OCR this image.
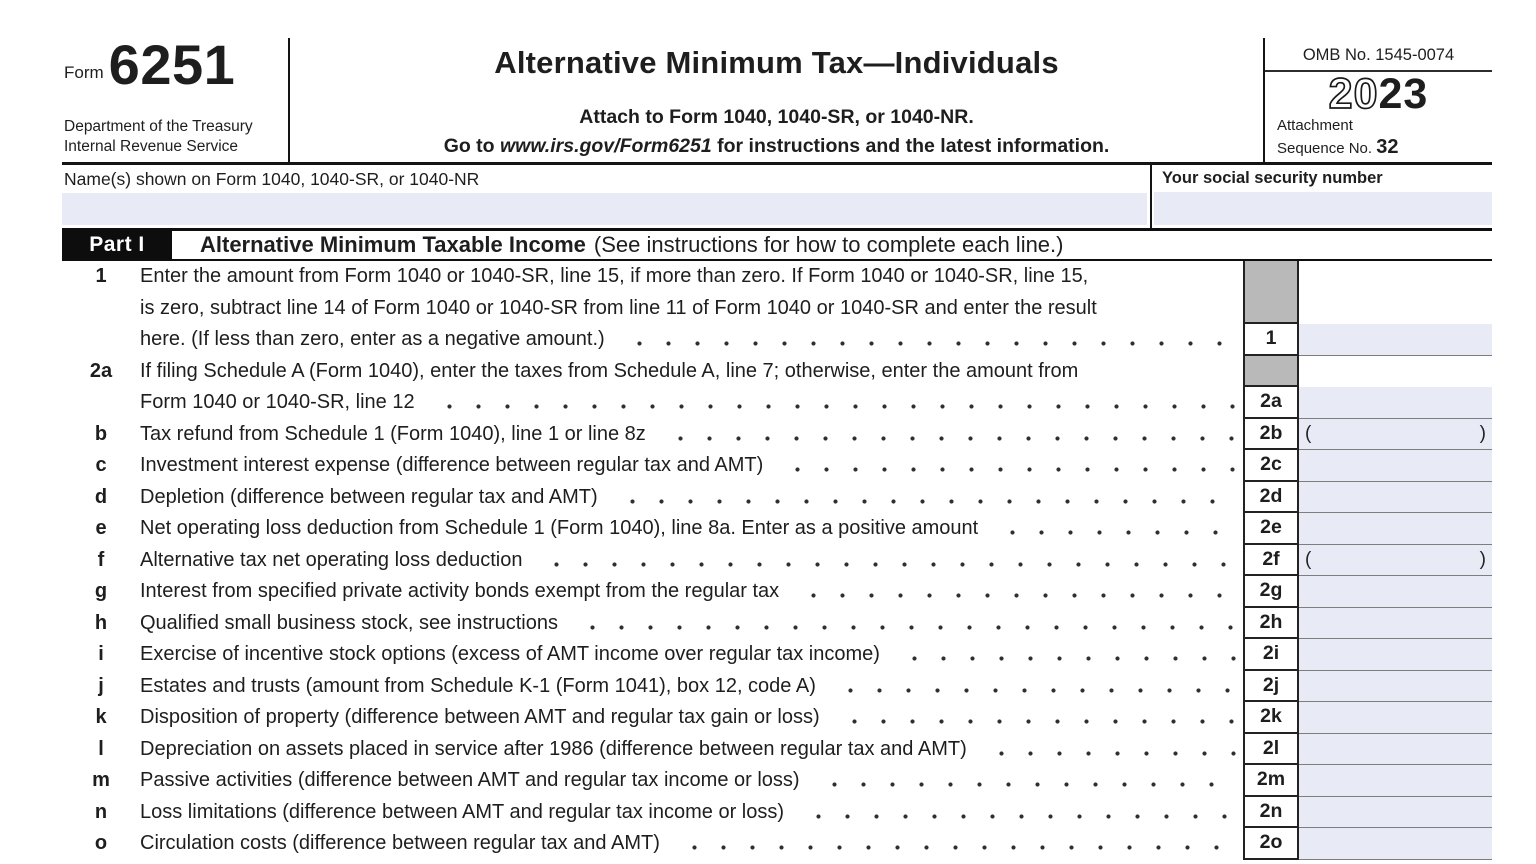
Form 6251
Department of the Treasury
Internal Revenue Service
Alternative Minimum Tax—Individuals
Attach to Form 1040, 1040-SR, or 1040-NR.
Go to www.irs.gov/Form6251 for instructions and the latest information.
OMB No. 1545-0074
2023
Attachment
Sequence No. 32
Name(s) shown on Form 1040, 1040-SR, or 1040-NR	Your social security number
Part I	Alternative Minimum Taxable Income (See instructions for how to complete each line.)
1	Enter the amount from Form 1040 or 1040-SR, line 15, if more than zero. If Form 1040 or 1040-SR, line 15,
is zero, subtract line 14 of Form 1040 or 1040-SR from line 11 of Form 1040 or 1040-SR and enter the result
here. (If less than zero, enter as a negative amount.)	1
2a	If filing Schedule A (Form 1040), enter the taxes from Schedule A, line 7; otherwise, enter the amount from
Form 1040 or 1040-SR, line 12	2a
b	Tax refund from Schedule 1 (Form 1040), line 1 or line 8z	2b	(	)
c	Investment interest expense (difference between regular tax and AMT)	2c
d	Depletion (difference between regular tax and AMT)	2d
e	Net operating loss deduction from Schedule 1 (Form 1040), line 8a. Enter as a positive amount	2e
f	Alternative tax net operating loss deduction	2f	(	)
g	Interest from specified private activity bonds exempt from the regular tax	2g
h	Qualified small business stock, see instructions	2h
i	Exercise of incentive stock options (excess of AMT income over regular tax income)	2i
j	Estates and trusts (amount from Schedule K-1 (Form 1041), box 12, code A)	2j
k	Disposition of property (difference between AMT and regular tax gain or loss)	2k
l	Depreciation on assets placed in service after 1986 (difference between regular tax and AMT)	2l
m	Passive activities (difference between AMT and regular tax income or loss)	2m
n	Loss limitations (difference between AMT and regular tax income or loss)	2n
o	Circulation costs (difference between regular tax and AMT)	2o
